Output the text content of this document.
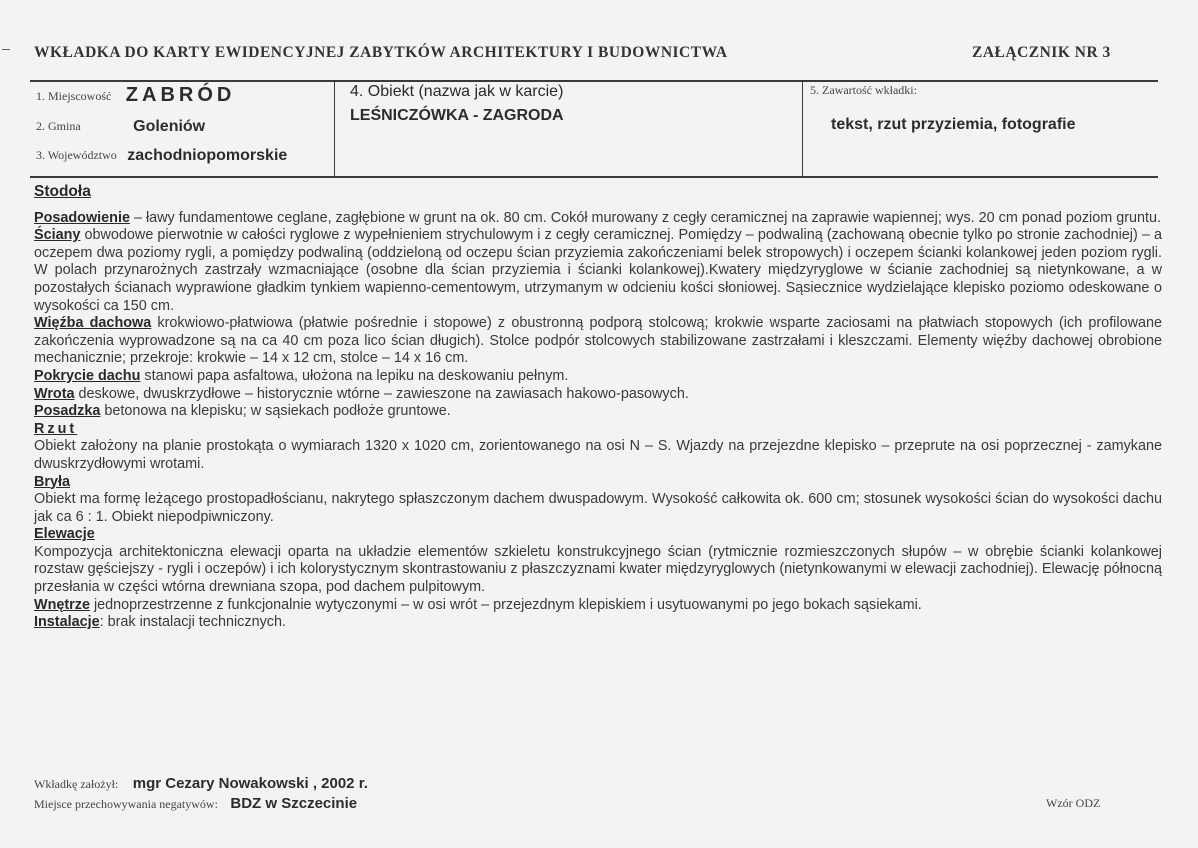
– WKŁADKA DO KARTY EWIDENCYJNEJ ZABYTKÓW ARCHITEKTURY I BUDOWNICTWA	ZAŁĄCZNIK NR 3
1. Miejscowość ZABRÓD
2. Gmina	Goleniów
3. Województwo zachodniopomorskie
4. Obiekt (nazwa jak w karcie)
LEŚNICZÓWKA - ZAGRODA
5. Zawartość wkładki:
tekst, rzut przyziemia, fotografie

Stodoła

Posadowienie – ławy fundamentowe ceglane, zagłębione w grunt na ok. 80 cm. Cokół murowany z cegły ceramicznej na zaprawie wapiennej; wys. 20 cm ponad poziom gruntu.

Ściany obwodowe pierwotnie w całości ryglowe z wypełnieniem strychulowym i z cegły ceramicznej. Pomiędzy – podwaliną (zachowaną obecnie tylko po stronie zachodniej) – a oczepem dwa poziomy rygli, a pomiędzy podwaliną (oddzieloną od oczepu ścian przyziemia zakończeniami belek stropowych) i oczepem ścianki kolankowej jeden poziom rygli. W polach przynarożnych zastrzały wzmacniające (osobne dla ścian przyziemia i ścianki kolankowej).Kwatery międzyryglowe w ścianie zachodniej są nietynkowane, a w pozostałych ścianach wyprawione gładkim tynkiem wapienno-cementowym, utrzymanym w odcieniu kości słoniowej. Sąsiecznice wydzielające klepisko poziomo odeskowane o wysokości ca 150 cm.

Więźba dachowa krokwiowo-płatwiowa (płatwie pośrednie i stopowe) z obustronną podporą stolcową; krokwie wsparte zaciosami na płatwiach stopowych (ich profilowane zakończenia wyprowadzone są na ca 40 cm poza lico ścian długich). Stolce podpór stolcowych stabilizowane zastrzałami i kleszczami. Elementy więźby dachowej obrobione mechanicznie; przekroje: krokwie – 14 x 12 cm, stolce – 14 x 16 cm.

Pokrycie dachu stanowi papa asfaltowa, ułożona na lepiku na deskowaniu pełnym.

Wrota deskowe, dwuskrzydłowe – historycznie wtórne – zawieszone na zawiasach hakowo-pasowych.

Posadzka betonowa na klepisku; w sąsiekach podłoże gruntowe.

Rzut

Obiekt założony na planie prostokąta o wymiarach 1320 x 1020 cm, zorientowanego na osi N – S. Wjazdy na przejezdne klepisko – przeprute na osi poprzecznej - zamykane dwuskrzydłowymi wrotami.

Bryła

Obiekt ma formę leżącego prostopadłościanu, nakrytego spłaszczonym dachem dwuspadowym. Wysokość całkowita ok. 600 cm; stosunek wysokości ścian do wysokości dachu jak ca 6 : 1. Obiekt niepodpiwniczony.

Elewacje

Kompozycja architektoniczna elewacji oparta na układzie elementów szkieletu konstrukcyjnego ścian (rytmicznie rozmieszczonych słupów – w obrębie ścianki kolankowej rozstaw gęściejszy - rygli i oczepów) i ich kolorystycznym skontrastowaniu z płaszczyznami kwater międzyryglowych (nietynkowanymi w elewacji zachodniej). Elewację północną przesłania w części wtórna drewniana szopa, pod dachem pulpitowym.

Wnętrze jednoprzestrzenne z funkcjonalnie wytyczonymi – w osi wrót – przejezdnym klepiskiem i usytuowanymi po jego bokach sąsiekami.

Instalacje: brak instalacji technicznych.

Wkładkę założył: mgr Cezary Nowakowski , 2002 r.
Miejsce przechowywania negatywów: BDZ w Szczecinie	Wzór ODZ
